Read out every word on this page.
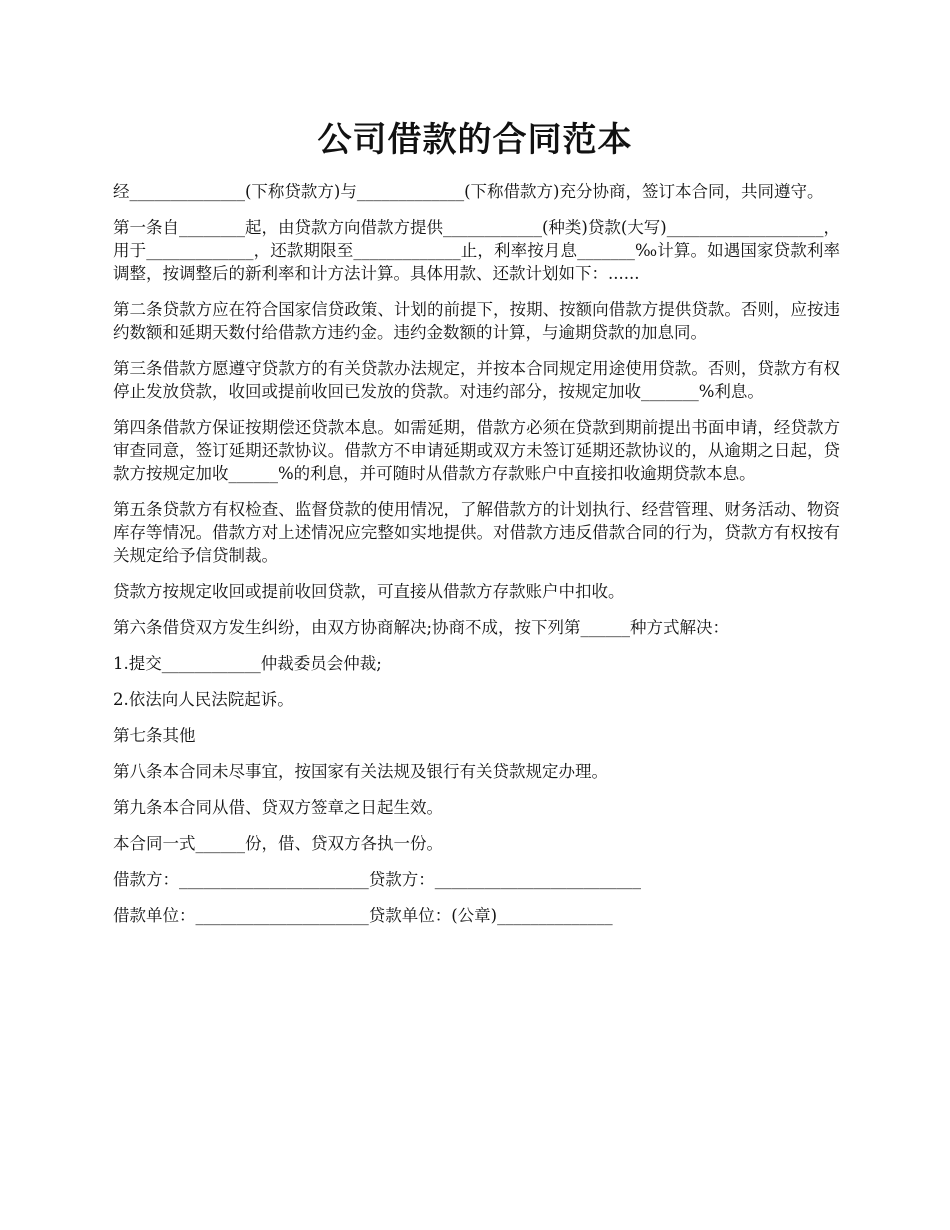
公司借款的合同范本

经______________(下称贷款方)与_____________(下称借款方)充分协商，签订本合同，共同遵守。

第一条自________起，由贷款方向借款方提供____________(种类)贷款(大写)___________________，用于_____________，还款期限至_____________止，利率按月息_______‰计算。如遇国家贷款利率调整，按调整后的新利率和计方法计算。具体用款、还款计划如下：......

第二条贷款方应在符合国家信贷政策、计划的前提下，按期、按额向借款方提供贷款。否则，应按违约数额和延期天数付给借款方违约金。违约金数额的计算，与逾期贷款的加息同。

第三条借款方愿遵守贷款方的有关贷款办法规定，并按本合同规定用途使用贷款。否则，贷款方有权停止发放贷款，收回或提前收回已发放的贷款。对违约部分，按规定加收_______%利息。

第四条借款方保证按期偿还贷款本息。如需延期，借款方必须在贷款到期前提出书面申请，经贷款方审查同意，签订延期还款协议。借款方不申请延期或双方未签订延期还款协议的，从逾期之日起，贷款方按规定加收______%的利息，并可随时从借款方存款账户中直接扣收逾期贷款本息。

第五条贷款方有权检查、监督贷款的使用情况，了解借款方的计划执行、经营管理、财务活动、物资库存等情况。借款方对上述情况应完整如实地提供。对借款方违反借款合同的行为，贷款方有权按有关规定给予信贷制裁。

贷款方按规定收回或提前收回贷款，可直接从借款方存款账户中扣收。

第六条借贷双方发生纠纷，由双方协商解决;协商不成，按下列第______种方式解决：

1.提交____________仲裁委员会仲裁;

2.依法向人民法院起诉。

第七条其他

第八条本合同未尽事宜，按国家有关法规及银行有关贷款规定办理。

第九条本合同从借、贷双方签章之日起生效。

本合同一式______份，借、贷双方各执一份。

借款方：_______________________贷款方：_________________________

借款单位：_____________________贷款单位：(公章)______________
